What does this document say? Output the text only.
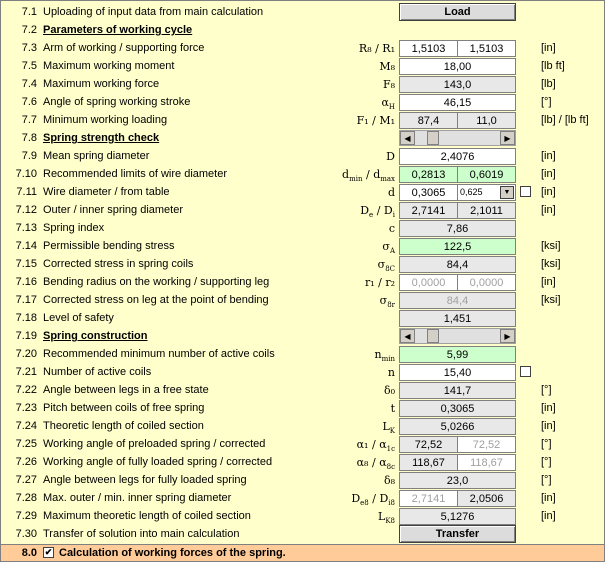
7.1 Uploading of input data from main calculation	Load
7.2 Parameters of working cycle
7.3 Arm of working / supporting force	R₈ / R₁	1,5103	1,5103	[in]
7.5 Maximum working moment	M₈	18,00	[lb ft]
7.4 Maximum working force	F₈	143,0	[lb]
7.6 Angle of spring working stroke	$\alpha_H$	46,15	[°]
7.7 Minimum working loading	F₁ / M₁	87,4	11,0	[lb] / [lb ft]
7.8 Spring strength check	◀	▶
7.9 Mean spring diameter	D	2,4076	[in]
7.10 Recommended limits of wire diameter	$d_{min} / d_{max}$	0,2813	0,6019	[in]
7.11 Wire diameter / from table	d	0,3065	0,625	▼	[in]
7.12 Outer / inner spring diameter	$D_e / D_i$	2,7141	2,1011	[in]
7.13 Spring index	c	7,86
7.14 Permissible bending stress	$\sigma_A$	122,5	[ksi]
7.15 Corrected stress in spring coils	$\sigma_{8C}$	84,4	[ksi]
7.16 Bending radius on the working / supporting leg	r₁ / r₂	0,0000	0,0000	[in]
7.17 Corrected stress on leg at the point of bending	$\sigma_{8r}$	84,4	[ksi]
7.18 Level of safety	1,451
7.19 Spring construction	◀	▶
7.20 Recommended minimum number of active coils	$n_{min}$	5,99
7.21 Number of active coils	n	15,40
7.22 Angle between legs in a free state	δ₀	141,7	[°]
7.23 Pitch between coils of free spring	t	0,3065	[in]
7.24 Theoretic length of coiled section	$L_K$	5,0266	[in]
7.25 Working angle of preloaded spring / corrected	$\alpha_1 / \alpha_{1c}$	72,52	72,52	[°]
7.26 Working angle of fully loaded spring / corrected	$\alpha_8 / \alpha_{8c}$	118,67	118,67	[°]
7.27 Angle between legs for fully loaded spring	δ₈	23,0	[°]
7.28 Max. outer / min. inner spring diameter	$D_{e8} / D_{i8}$	2,7141	2,0506	[in]
7.29 Maximum theoretic length of coiled section	$L_{K8}$	5,1276	[in]
7.30 Transfer of solution into main calculation	Transfer
8.0 ✔ Calculation of working forces of the spring.
